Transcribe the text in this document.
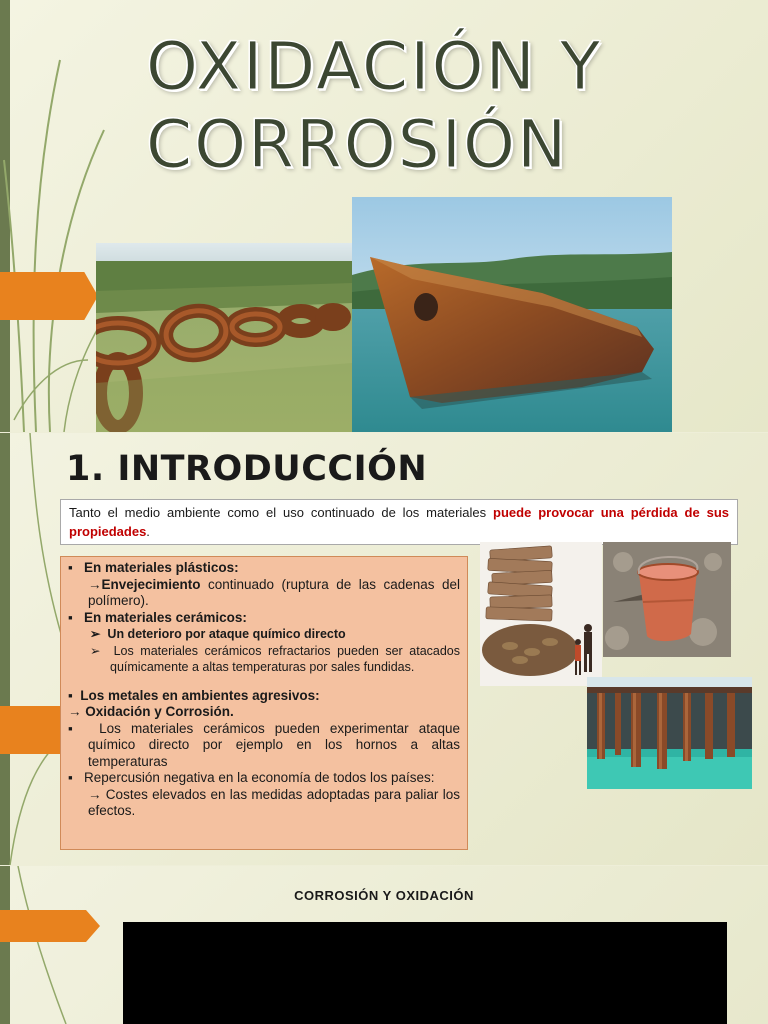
OXIDACIÓN Y
CORROSIÓN
1. INTRODUCCIÓN
Tanto el medio ambiente como el uso continuado de los materiales puede provocar una pérdida de sus propiedades.

▪   En materiales plásticos:

→Envejecimiento continuado (ruptura de las cadenas del polímero).

▪   En materiales cerámicos:

➢  Un deterioro por ataque químico directo

➢  Los materiales cerámicos refractarios pueden ser atacados químicamente a altas temperaturas por sales fundidas.

▪  Los metales en ambientes agresivos:

→ Oxidación y Corrosión.

▪  Los materiales cerámicos pueden experimentar ataque químico directo por ejemplo en los hornos a altas temperaturas

▪   Repercusión negativa en la economía de todos los países:

→ Costes elevados en las medidas adoptadas para paliar los efectos.

CORROSIÓN Y OXIDACIÓN
